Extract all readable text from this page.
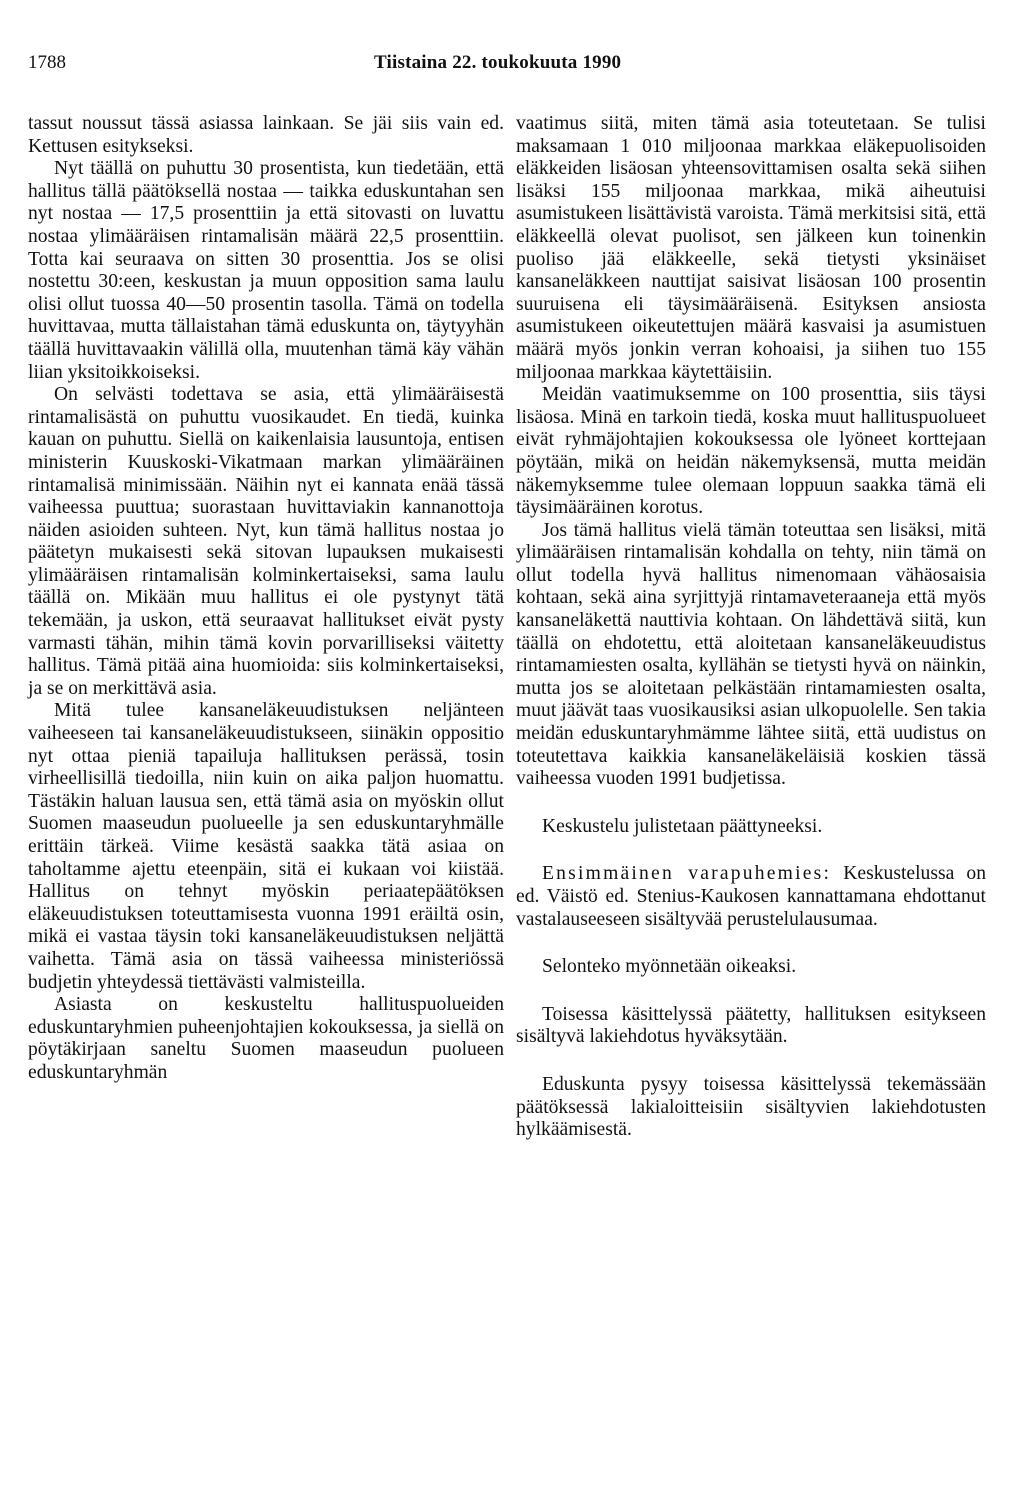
1788	Tiistaina 22. toukokuuta 1990

tassut noussut tässä asiassa lainkaan. Se jäi siis vain ed. Kettusen esitykseksi.

Nyt täällä on puhuttu 30 prosentista, kun tiedetään, että hallitus tällä päätöksellä nostaa — taikka eduskuntahan sen nyt nostaa — 17,5 prosenttiin ja että sitovasti on luvattu nostaa ylimääräisen rintamalisän määrä 22,5 prosenttiin. Totta kai seuraava on sitten 30 prosenttia. Jos se olisi nostettu 30:een, keskustan ja muun opposition sama laulu olisi ollut tuossa 40—50 prosentin tasolla. Tämä on todella huvittavaa, mutta tällaistahan tämä eduskunta on, täytyyhän täällä huvittavaakin välillä olla, muutenhan tämä käy vähän liian yksitoikkoiseksi.

On selvästi todettava se asia, että ylimääräisestä rintamalisästä on puhuttu vuosikaudet. En tiedä, kuinka kauan on puhuttu. Siellä on kaikenlaisia lausuntoja, entisen ministerin Kuuskoski-Vikatmaan markan ylimääräinen rintamalisä minimissään. Näihin nyt ei kannata enää tässä vaiheessa puuttua; suorastaan huvittaviakin kannanottoja näiden asioiden suhteen. Nyt, kun tämä hallitus nostaa jo päätetyn mukaisesti sekä sitovan lupauksen mukaisesti ylimääräisen rintamalisän kolminkertaiseksi, sama laulu täällä on. Mikään muu hallitus ei ole pystynyt tätä tekemään, ja uskon, että seuraavat hallitukset eivät pysty varmasti tähän, mihin tämä kovin porvarilliseksi väitetty hallitus. Tämä pitää aina huomioida: siis kolminkertaiseksi, ja se on merkittävä asia.

Mitä tulee kansaneläkeuudistuksen neljänteen vaiheeseen tai kansaneläkeuudistukseen, siinäkin oppositio nyt ottaa pieniä tapailuja hallituksen perässä, tosin virheellisillä tiedoilla, niin kuin on aika paljon huomattu. Tästäkin haluan lausua sen, että tämä asia on myöskin ollut Suomen maaseudun puolueelle ja sen eduskuntaryhmälle erittäin tärkeä. Viime kesästä saakka tätä asiaa on taholtamme ajettu eteenpäin, sitä ei kukaan voi kiistää. Hallitus on tehnyt myöskin periaatepäätöksen eläkeuudistuksen toteuttamisesta vuonna 1991 eräiltä osin, mikä ei vastaa täysin toki kansaneläkeuudistuksen neljättä vaihetta. Tämä asia on tässä vaiheessa ministeriössä budjetin yhteydessä tiettävästi valmisteilla.

Asiasta on keskusteltu hallituspuolueiden eduskuntaryhmien puheenjohtajien kokouksessa, ja siellä on pöytäkirjaan saneltu Suomen maaseudun puolueen eduskuntaryhmän

vaatimus siitä, miten tämä asia toteutetaan. Se tulisi maksamaan 1 010 miljoonaa markkaa eläkepuolisoiden eläkkeiden lisäosan yhteensovittamisen osalta sekä siihen lisäksi 155 miljoonaa markkaa, mikä aiheutuisi asumistukeen lisättävistä varoista. Tämä merkitsisi sitä, että eläkkeellä olevat puolisot, sen jälkeen kun toinenkin puoliso jää eläkkeelle, sekä tietysti yksinäiset kansaneläkkeen nauttijat saisivat lisäosan 100 prosentin suuruisena eli täysimääräisenä. Esityksen ansiosta asumistukeen oikeutettujen määrä kasvaisi ja asumistuen määrä myös jonkin verran kohoaisi, ja siihen tuo 155 miljoonaa markkaa käytettäisiin.

Meidän vaatimuksemme on 100 prosenttia, siis täysi lisäosa. Minä en tarkoin tiedä, koska muut hallituspuolueet eivät ryhmäjohtajien kokouksessa ole lyöneet korttejaan pöytään, mikä on heidän näkemyksensä, mutta meidän näkemyksemme tulee olemaan loppuun saakka tämä eli täysimääräinen korotus.

Jos tämä hallitus vielä tämän toteuttaa sen lisäksi, mitä ylimääräisen rintamalisän kohdalla on tehty, niin tämä on ollut todella hyvä hallitus nimenomaan vähäosaisia kohtaan, sekä aina syrjittyjä rintamaveteraaneja että myös kansaneläkettä nauttivia kohtaan. On lähdettävä siitä, kun täällä on ehdotettu, että aloitetaan kansaneläkeuudistus rintamamiesten osalta, kyllähän se tietysti hyvä on näinkin, mutta jos se aloitetaan pelkästään rintamamiesten osalta, muut jäävät taas vuosikausiksi asian ulkopuolelle. Sen takia meidän eduskuntaryhmämme lähtee siitä, että uudistus on toteutettava kaikkia kansaneläkeläisiä koskien tässä vaiheessa vuoden 1991 budjetissa.

Keskustelu julistetaan päättyneeksi.

Ensimmäinen varapuhemies: Keskustelussa on ed. Väistö ed. Stenius-Kaukosen kannattamana ehdottanut vastalauseeseen sisältyvää perustelulausumaa.

Selonteko myönnetään oikeaksi.

Toisessa käsittelyssä päätetty, hallituksen esitykseen sisältyvä lakiehdotus hyväksytään.

Eduskunta pysyy toisessa käsittelyssä tekemässään päätöksessä lakialoitteisiin sisältyvien lakiehdotusten hylkäämisestä.
